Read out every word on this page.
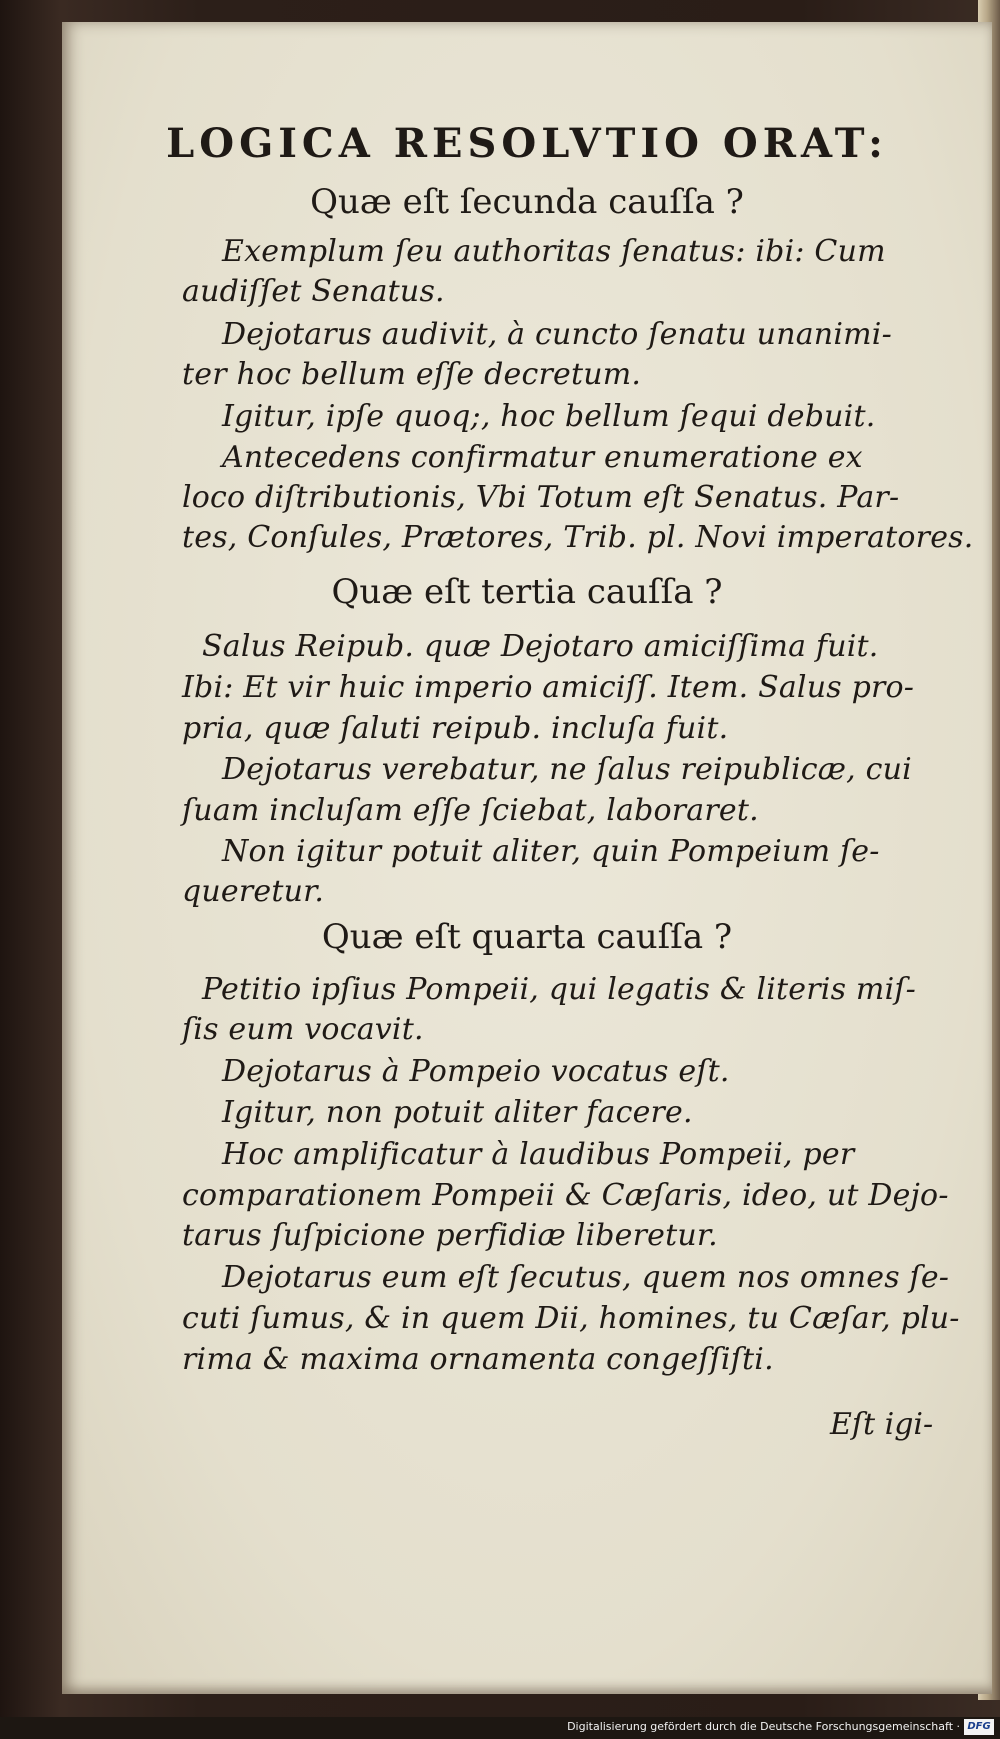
LOGICA RESOLVTIO ORAT:
Quæ eſt ſecunda cauſſa ?
Exemplum ſeu authoritas ſenatus: ibi: Cum
audiſſet Senatus.
Dejotarus audivit, à cuncto ſenatu unanimi-
ter hoc bellum eſſe decretum.
Igitur, ipſe quoq;, hoc bellum ſequi debuit.
Antecedens confirmatur enumeratione ex
loco diſtributionis, Vbi Totum eſt Senatus. Par-
tes, Conſules, Prætores, Trib. pl. Novi imperatores.
Quæ eſt tertia cauſſa ?
Salus Reipub. quæ Dejotaro amiciſſima fuit.
Ibi: Et vir huic imperio amiciſſ. Item. Salus pro-
pria, quæ ſaluti reipub. incluſa fuit.
Dejotarus verebatur, ne ſalus reipublicæ, cui
ſuam incluſam eſſe ſciebat, laboraret.
Non igitur potuit aliter, quin Pompeium ſe-
queretur.
Quæ eſt quarta cauſſa ?
Petitio ipſius Pompeii, qui legatis & literis miſ-
ſis eum vocavit.
Dejotarus à Pompeio vocatus eſt.
Igitur, non potuit aliter facere.
Hoc amplificatur à laudibus Pompeii, per
comparationem Pompeii & Cæſaris, ideo, ut Dejo-
tarus ſuſpicione perfidiæ liberetur.
Dejotarus eum eſt ſecutus, quem nos omnes ſe-
cuti ſumus, & in quem Dii, homines, tu Cæſar, plu-
rima & maxima ornamenta congeſſiſti.
Eſt igi-
Digitalisierung gefördert durch die Deutsche Forschungsgemeinschaft · DFG
